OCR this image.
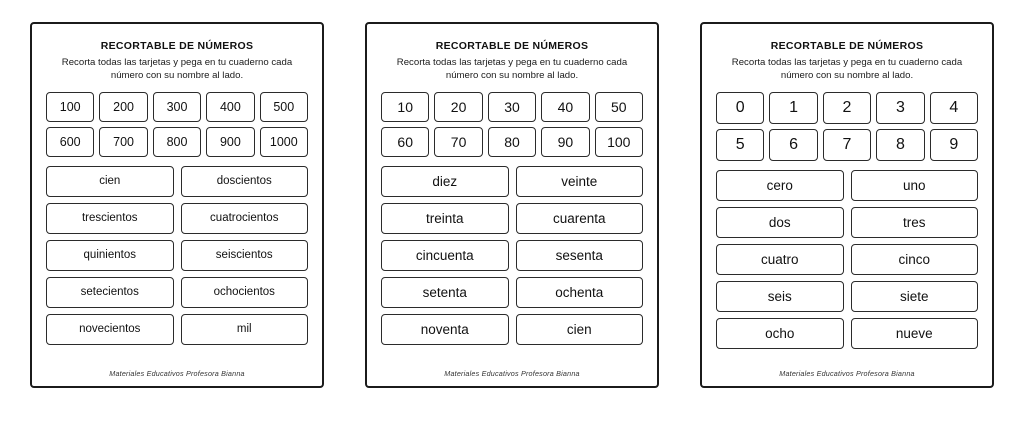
RECORTABLE DE NÚMEROS
Recorta todas las tarjetas y pega en tu cuaderno cada número con su nombre al lado.
100	200	300	400	500
600	700	800	900	1000
cien	doscientos
trescientos	cuatrocientos
quinientos	seiscientos
setecientos	ochocientos
novecientos	mil
Materiales Educativos Profesora Bianna
RECORTABLE DE NÚMEROS
Recorta todas las tarjetas y pega en tu cuaderno cada número con su nombre al lado.
10	20	30	40	50
60	70	80	90	100
diez	veinte
treinta	cuarenta
cincuenta	sesenta
setenta	ochenta
noventa	cien
Materiales Educativos Profesora Bianna
RECORTABLE DE NÚMEROS
Recorta todas las tarjetas y pega en tu cuaderno cada número con su nombre al lado.
0	1	2	3	4
5	6	7	8	9
cero	uno
dos	tres
cuatro	cinco
seis	siete
ocho	nueve
Materiales Educativos Profesora Bianna
